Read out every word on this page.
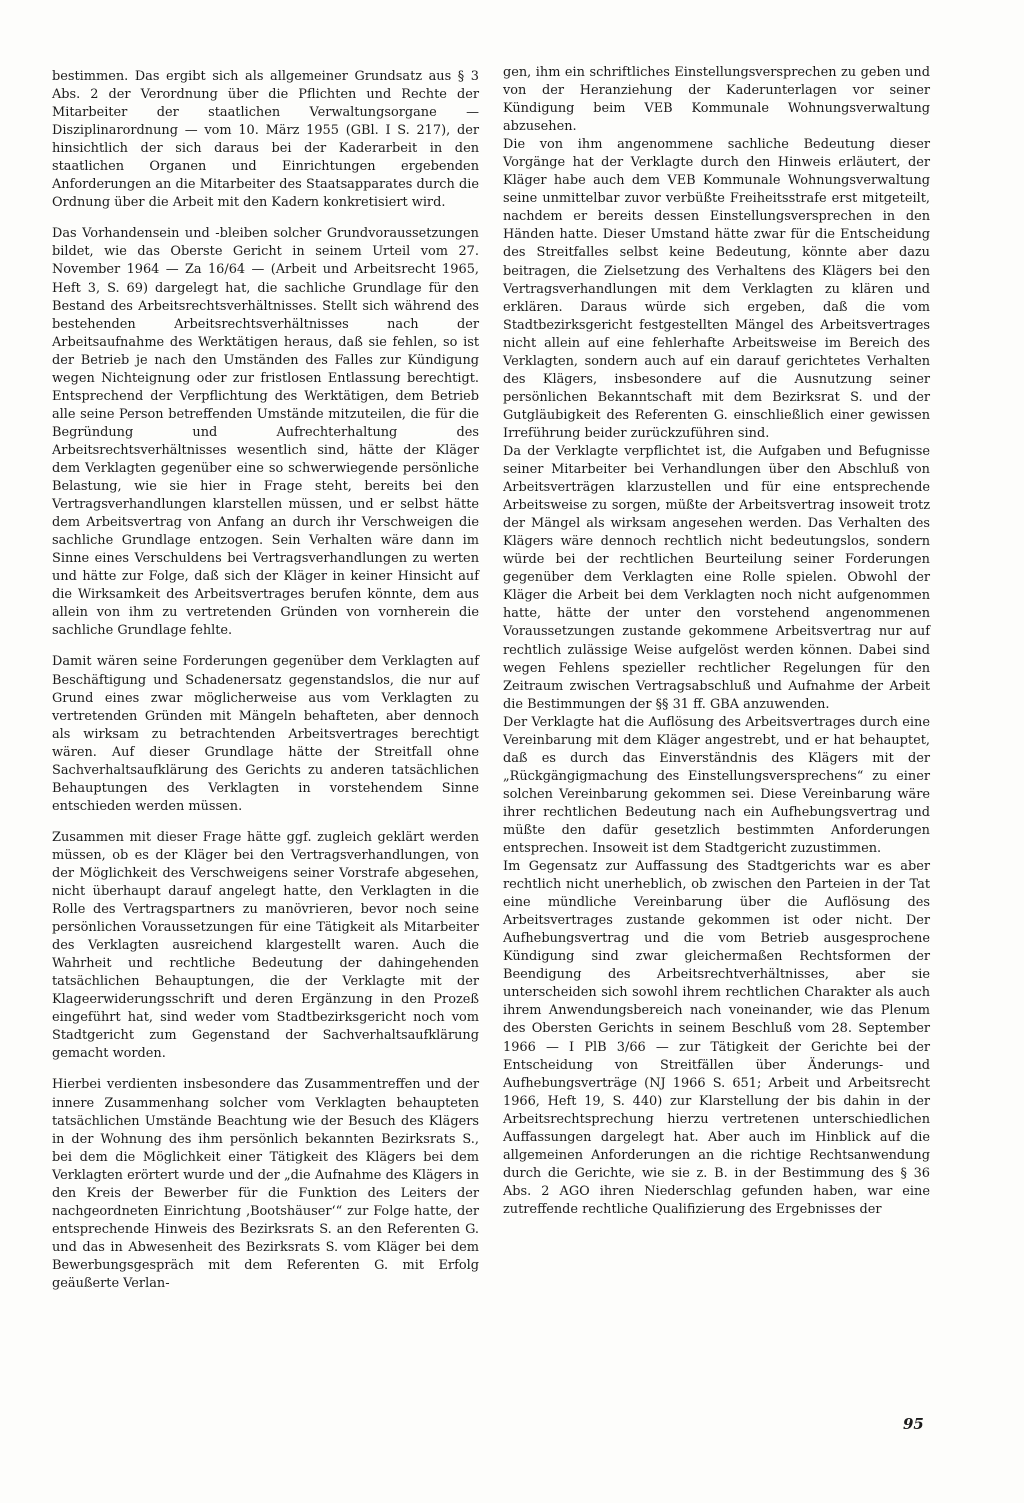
bestimmen. Das ergibt sich als allgemeiner Grundsatz aus § 3 Abs. 2 der Verordnung über die Pflichten und Rechte der Mitarbeiter der staatlichen Verwaltungsorgane — Disziplinarordnung — vom 10. März 1955 (GBl. I S. 217), der hinsichtlich der sich daraus bei der Kaderarbeit in den staatlichen Organen und Einrichtungen ergebenden Anforderungen an die Mitarbeiter des Staatsapparates durch die Ordnung über die Arbeit mit den Kadern konkretisiert wird.

Das Vorhandensein und -bleiben solcher Grundvoraussetzungen bildet, wie das Oberste Gericht in seinem Urteil vom 27. November 1964 — Za 16/64 — (Arbeit und Arbeitsrecht 1965, Heft 3, S. 69) dargelegt hat, die sachliche Grundlage für den Bestand des Arbeitsrechtsverhältnisses. Stellt sich während des bestehenden Arbeitsrechtsverhältnisses nach der Arbeitsaufnahme des Werktätigen heraus, daß sie fehlen, so ist der Betrieb je nach den Umständen des Falles zur Kündigung wegen Nichteignung oder zur fristlosen Entlassung berechtigt. Entsprechend der Verpflichtung des Werktätigen, dem Betrieb alle seine Person betreffenden Umstände mitzuteilen, die für die Begründung und Aufrechterhaltung des Arbeitsrechtsverhältnisses wesentlich sind, hätte der Kläger dem Verklagten gegenüber eine so schwerwiegende persönliche Belastung, wie sie hier in Frage steht, bereits bei den Vertragsverhandlungen klarstellen müssen, und er selbst hätte dem Arbeitsvertrag von Anfang an durch ihr Verschweigen die sachliche Grundlage entzogen. Sein Verhalten wäre dann im Sinne eines Verschuldens bei Vertragsverhandlungen zu werten und hätte zur Folge, daß sich der Kläger in keiner Hinsicht auf die Wirksamkeit des Arbeitsvertrages berufen könnte, dem aus allein von ihm zu vertretenden Gründen von vornherein die sachliche Grundlage fehlte.

Damit wären seine Forderungen gegenüber dem Verklagten auf Beschäftigung und Schadenersatz gegenstandslos, die nur auf Grund eines zwar möglicherweise aus vom Verklagten zu vertretenden Gründen mit Mängeln behafteten, aber dennoch als wirksam zu betrachtenden Arbeitsvertrages berechtigt wären. Auf dieser Grundlage hätte der Streitfall ohne Sachverhaltsaufklärung des Gerichts zu anderen tatsächlichen Behauptungen des Verklagten in vorstehendem Sinne entschieden werden müssen.

Zusammen mit dieser Frage hätte ggf. zugleich geklärt werden müssen, ob es der Kläger bei den Vertragsverhandlungen, von der Möglichkeit des Verschweigens seiner Vorstrafe abgesehen, nicht überhaupt darauf angelegt hatte, den Verklagten in die Rolle des Vertragspartners zu manövrieren, bevor noch seine persönlichen Voraussetzungen für eine Tätigkeit als Mitarbeiter des Verklagten ausreichend klargestellt waren. Auch die Wahrheit und rechtliche Bedeutung der dahingehenden tatsächlichen Behauptungen, die der Verklagte mit der Klageerwiderungsschrift und deren Ergänzung in den Prozeß eingeführt hat, sind weder vom Stadtbezirksgericht noch vom Stadtgericht zum Gegenstand der Sachverhaltsaufklärung gemacht worden.

Hierbei verdienten insbesondere das Zusammentreffen und der innere Zusammenhang solcher vom Verklagten behaupteten tatsächlichen Umstände Beachtung wie der Besuch des Klägers in der Wohnung des ihm persönlich bekannten Bezirksrats S., bei dem die Möglichkeit einer Tätigkeit des Klägers bei dem Verklagten erörtert wurde und der „die Aufnahme des Klägers in den Kreis der Bewerber für die Funktion des Leiters der nachgeordneten Einrichtung ‚Bootshäuser‘“ zur Folge hatte, der entsprechende Hinweis des Bezirksrats S. an den Referenten G. und das in Abwesenheit des Bezirksrats S. vom Kläger bei dem Bewerbungsgespräch mit dem Referenten G. mit Erfolg geäußerte Verlan-

gen, ihm ein schriftliches Einstellungsversprechen zu geben und von der Heranziehung der Kaderunterlagen vor seiner Kündigung beim VEB Kommunale Wohnungsverwaltung abzusehen.

Die von ihm angenommene sachliche Bedeutung dieser Vorgänge hat der Verklagte durch den Hinweis erläutert, der Kläger habe auch dem VEB Kommunale Wohnungsverwaltung seine unmittelbar zuvor verbüßte Freiheitsstrafe erst mitgeteilt, nachdem er bereits dessen Einstellungsversprechen in den Händen hatte. Dieser Umstand hätte zwar für die Entscheidung des Streitfalles selbst keine Bedeutung, könnte aber dazu beitragen, die Zielsetzung des Verhaltens des Klägers bei den Vertragsverhandlungen mit dem Verklagten zu klären und erklären. Daraus würde sich ergeben, daß die vom Stadtbezirksgericht festgestellten Mängel des Arbeitsvertrages nicht allein auf eine fehlerhafte Arbeitsweise im Bereich des Verklagten, sondern auch auf ein darauf gerichtetes Verhalten des Klägers, insbesondere auf die Ausnutzung seiner persönlichen Bekanntschaft mit dem Bezirksrat S. und der Gutgläubigkeit des Referenten G. einschließlich einer gewissen Irreführung beider zurückzuführen sind.

Da der Verklagte verpflichtet ist, die Aufgaben und Befugnisse seiner Mitarbeiter bei Verhandlungen über den Abschluß von Arbeitsverträgen klarzustellen und für eine entsprechende Arbeitsweise zu sorgen, müßte der Arbeitsvertrag insoweit trotz der Mängel als wirksam angesehen werden. Das Verhalten des Klägers wäre dennoch rechtlich nicht bedeutungslos, sondern würde bei der rechtlichen Beurteilung seiner Forderungen gegenüber dem Verklagten eine Rolle spielen. Obwohl der Kläger die Arbeit bei dem Verklagten noch nicht aufgenommen hatte, hätte der unter den vorstehend angenommenen Voraussetzungen zustande gekommene Arbeitsvertrag nur auf rechtlich zulässige Weise aufgelöst werden können. Dabei sind wegen Fehlens spezieller rechtlicher Regelungen für den Zeitraum zwischen Vertragsabschluß und Aufnahme der Arbeit die Bestimmungen der §§ 31 ff. GBA anzuwenden.

Der Verklagte hat die Auflösung des Arbeitsvertrages durch eine Vereinbarung mit dem Kläger angestrebt, und er hat behauptet, daß es durch das Einverständnis des Klägers mit der „Rückgängigmachung des Einstellungsversprechens“ zu einer solchen Vereinbarung gekommen sei. Diese Vereinbarung wäre ihrer rechtlichen Bedeutung nach ein Aufhebungsvertrag und müßte den dafür gesetzlich bestimmten Anforderungen entsprechen. Insoweit ist dem Stadtgericht zuzustimmen.

Im Gegensatz zur Auffassung des Stadtgerichts war es aber rechtlich nicht unerheblich, ob zwischen den Parteien in der Tat eine mündliche Vereinbarung über die Auflösung des Arbeitsvertrages zustande gekommen ist oder nicht. Der Aufhebungsvertrag und die vom Betrieb ausgesprochene Kündigung sind zwar gleichermaßen Rechtsformen der Beendigung des Arbeitsrechtverhältnisses, aber sie unterscheiden sich sowohl ihrem rechtlichen Charakter als auch ihrem Anwendungsbereich nach voneinander, wie das Plenum des Obersten Gerichts in seinem Beschluß vom 28. September 1966 — I PlB 3/66 — zur Tätigkeit der Gerichte bei der Entscheidung von Streitfällen über Änderungs- und Aufhebungsverträge (NJ 1966 S. 651; Arbeit und Arbeitsrecht 1966, Heft 19, S. 440) zur Klarstellung der bis dahin in der Arbeitsrechtsprechung hierzu vertretenen unterschiedlichen Auffassungen dargelegt hat. Aber auch im Hinblick auf die allgemeinen Anforderungen an die richtige Rechtsanwendung durch die Gerichte, wie sie z. B. in der Bestimmung des § 36 Abs. 2 AGO ihren Niederschlag gefunden haben, war eine zutreffende rechtliche Qualifizierung des Ergebnisses der

95
